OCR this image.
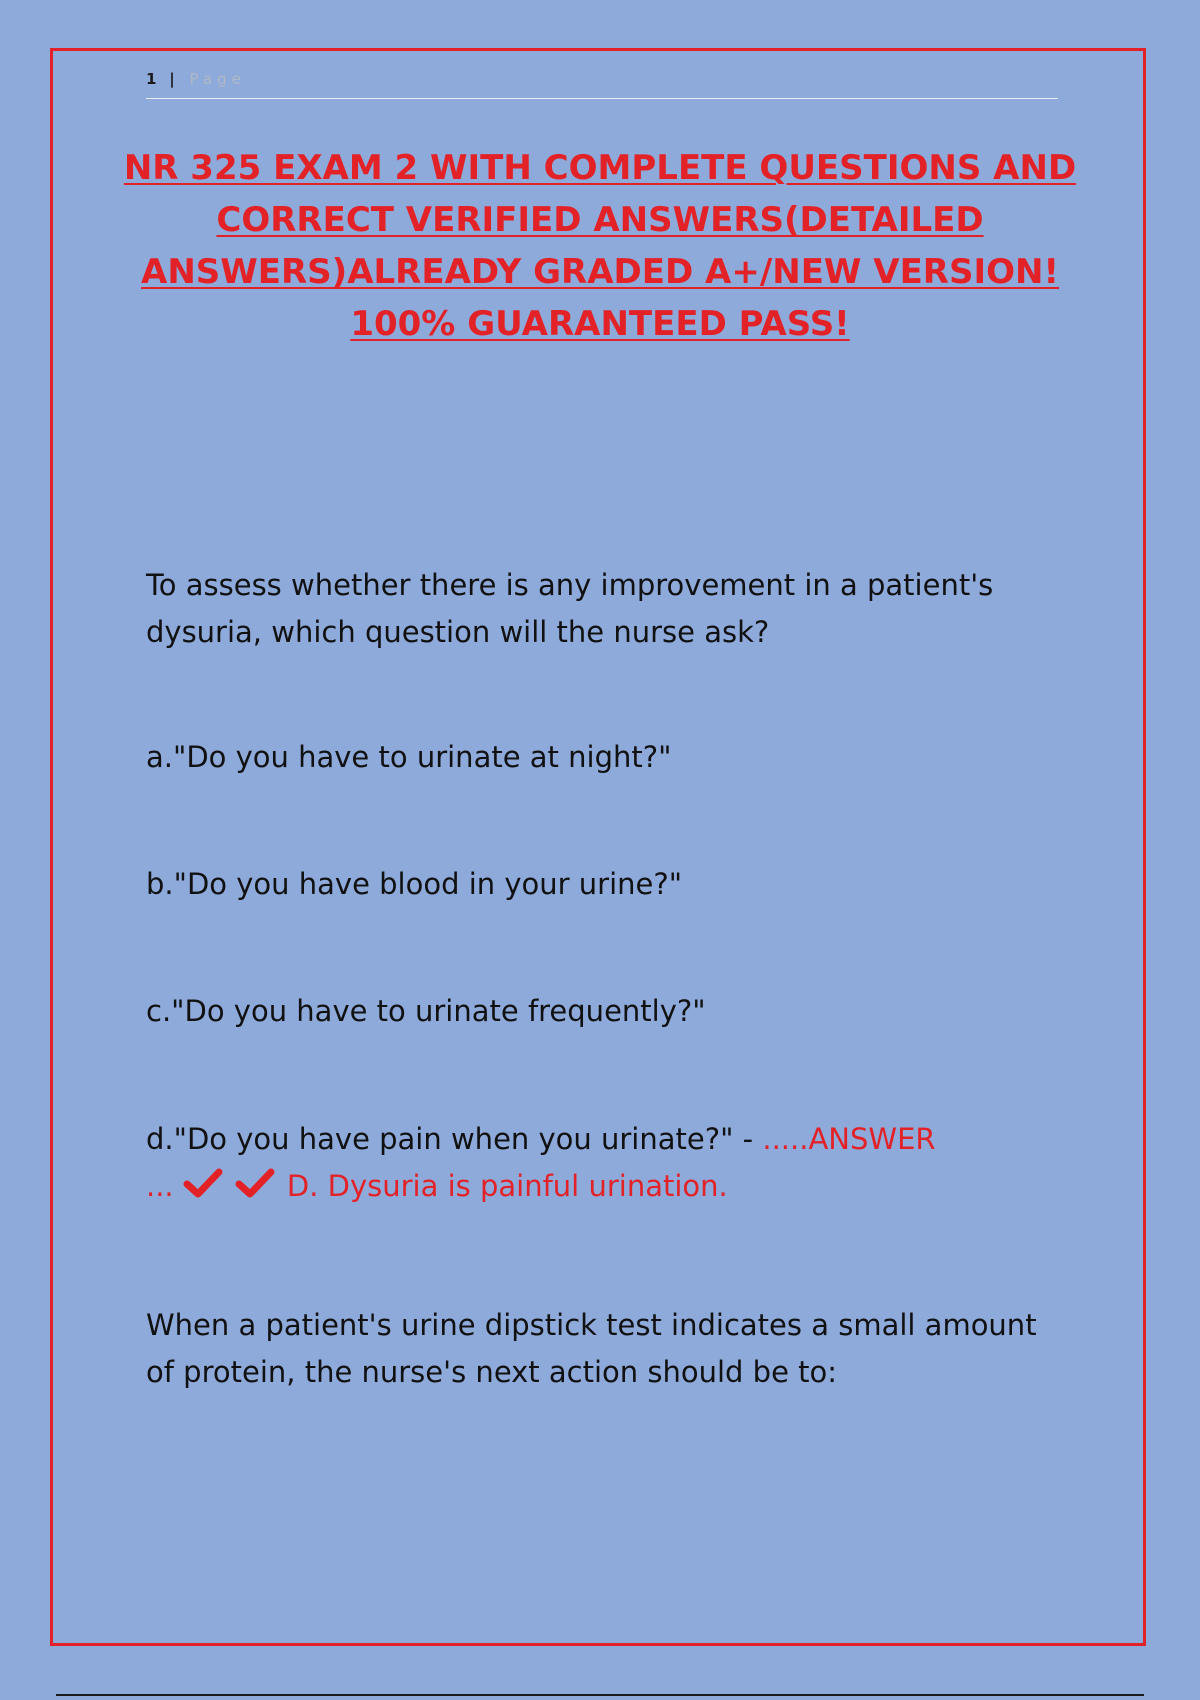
1 | Page
NR 325 EXAM 2 WITH COMPLETE QUESTIONS AND CORRECT VERIFIED ANSWERS(DETAILED ANSWERS)ALREADY GRADED A+/NEW VERSION! 100% GUARANTEED PASS!

To assess whether there is any improvement in a patient's dysuria, which question will the nurse ask?

a."Do you have to urinate at night?"

b."Do you have blood in your urine?"

c."Do you have to urinate frequently?"

d."Do you have pain when you urinate?" - .....ANSWER
...	D. Dysuria is painful urination.

When a patient's urine dipstick test indicates a small amount of protein, the nurse's next action should be to:
